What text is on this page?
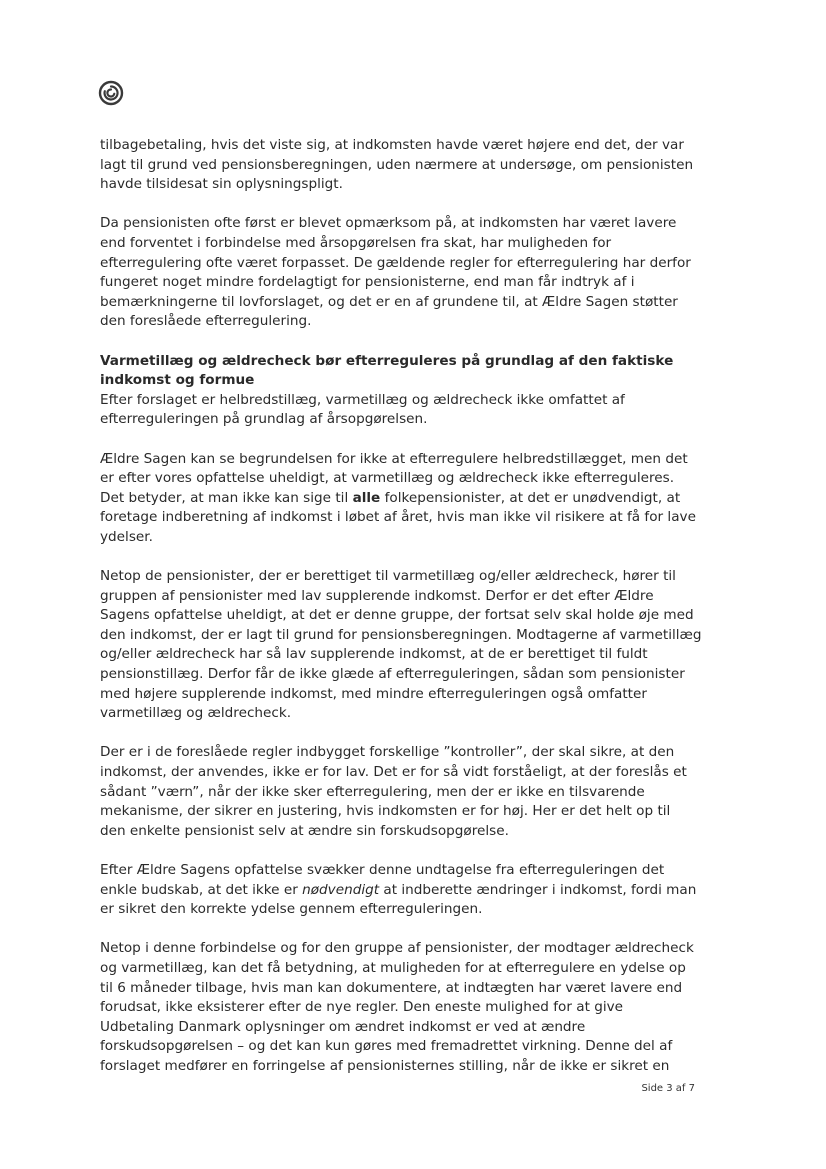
tilbagebetaling, hvis det viste sig, at indkomsten havde været højere end det, der var
lagt til grund ved pensionsberegningen, uden nærmere at undersøge, om pensionisten
havde tilsidesat sin oplysningspligt.

Da pensionisten ofte først er blevet opmærksom på, at indkomsten har været lavere
end forventet i forbindelse med årsopgørelsen fra skat, har muligheden for
efterregulering ofte været forpasset. De gældende regler for efterregulering har derfor
fungeret noget mindre fordelagtigt for pensionisterne, end man får indtryk af i
bemærkningerne til lovforslaget, og det er en af grundene til, at Ældre Sagen støtter
den foreslåede efterregulering.

Varmetillæg og ældrecheck bør efterreguleres på grundlag af den faktiske
indkomst og formue
Efter forslaget er helbredstillæg, varmetillæg og ældrecheck ikke omfattet af
efterreguleringen på grundlag af årsopgørelsen.

Ældre Sagen kan se begrundelsen for ikke at efterregulere helbredstillægget, men det
er efter vores opfattelse uheldigt, at varmetillæg og ældrecheck ikke efterreguleres.
Det betyder, at man ikke kan sige til alle folkepensionister, at det er unødvendigt, at
foretage indberetning af indkomst i løbet af året, hvis man ikke vil risikere at få for lave
ydelser.

Netop de pensionister, der er berettiget til varmetillæg og/eller ældrecheck, hører til
gruppen af pensionister med lav supplerende indkomst. Derfor er det efter Ældre
Sagens opfattelse uheldigt, at det er denne gruppe, der fortsat selv skal holde øje med
den indkomst, der er lagt til grund for pensionsberegningen. Modtagerne af varmetillæg
og/eller ældrecheck har så lav supplerende indkomst, at de er berettiget til fuldt
pensionstillæg. Derfor får de ikke glæde af efterreguleringen, sådan som pensionister
med højere supplerende indkomst, med mindre efterreguleringen også omfatter
varmetillæg og ældrecheck.

Der er i de foreslåede regler indbygget forskellige ”kontroller”, der skal sikre, at den
indkomst, der anvendes, ikke er for lav. Det er for så vidt forståeligt, at der foreslås et
sådant ”værn”, når der ikke sker efterregulering, men der er ikke en tilsvarende
mekanisme, der sikrer en justering, hvis indkomsten er for høj. Her er det helt op til
den enkelte pensionist selv at ændre sin forskudsopgørelse.

Efter Ældre Sagens opfattelse svækker denne undtagelse fra efterreguleringen det
enkle budskab, at det ikke er nødvendigt at indberette ændringer i indkomst, fordi man
er sikret den korrekte ydelse gennem efterreguleringen.

Netop i denne forbindelse og for den gruppe af pensionister, der modtager ældrecheck
og varmetillæg, kan det få betydning, at muligheden for at efterregulere en ydelse op
til 6 måneder tilbage, hvis man kan dokumentere, at indtægten har været lavere end
forudsat, ikke eksisterer efter de nye regler. Den eneste mulighed for at give
Udbetaling Danmark oplysninger om ændret indkomst er ved at ændre
forskudsopgørelsen – og det kan kun gøres med fremadrettet virkning. Denne del af
forslaget medfører en forringelse af pensionisternes stilling, når de ikke er sikret en

Side 3 af 7
